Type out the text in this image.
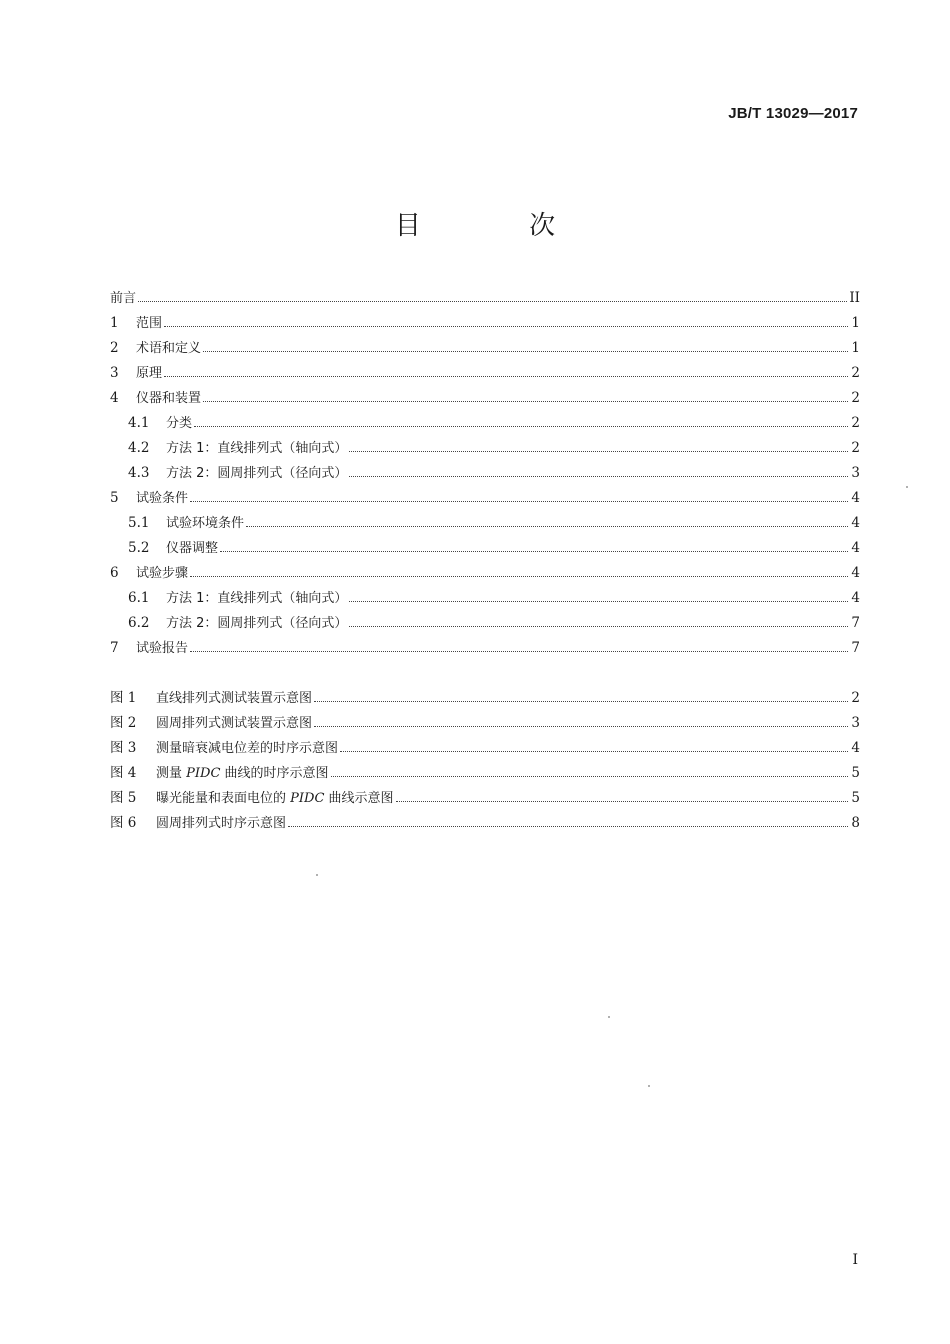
JB/T 13029—2017
目 次
前言	II
1	范围	1
2	术语和定义	1
3	原理	2
4	仪器和装置	2
4.1	分类	2
4.2	方法 1：直线排列式（轴向式）	2
4.3	方法 2：圆周排列式（径向式）	3
5	试验条件	4
5.1	试验环境条件	4
5.2	仪器调整	4
6	试验步骤	4
6.1	方法 1：直线排列式（轴向式）	4
6.2	方法 2：圆周排列式（径向式）	7
7	试验报告	7
图 1	直线排列式测试装置示意图	2
图 2	圆周排列式测试装置示意图	3
图 3	测量暗衰减电位差的时序示意图	4
图 4	测量 PIDC 曲线的时序示意图	5
图 5	曝光能量和表面电位的 PIDC 曲线示意图	5
图 6	圆周排列式时序示意图	8
I
